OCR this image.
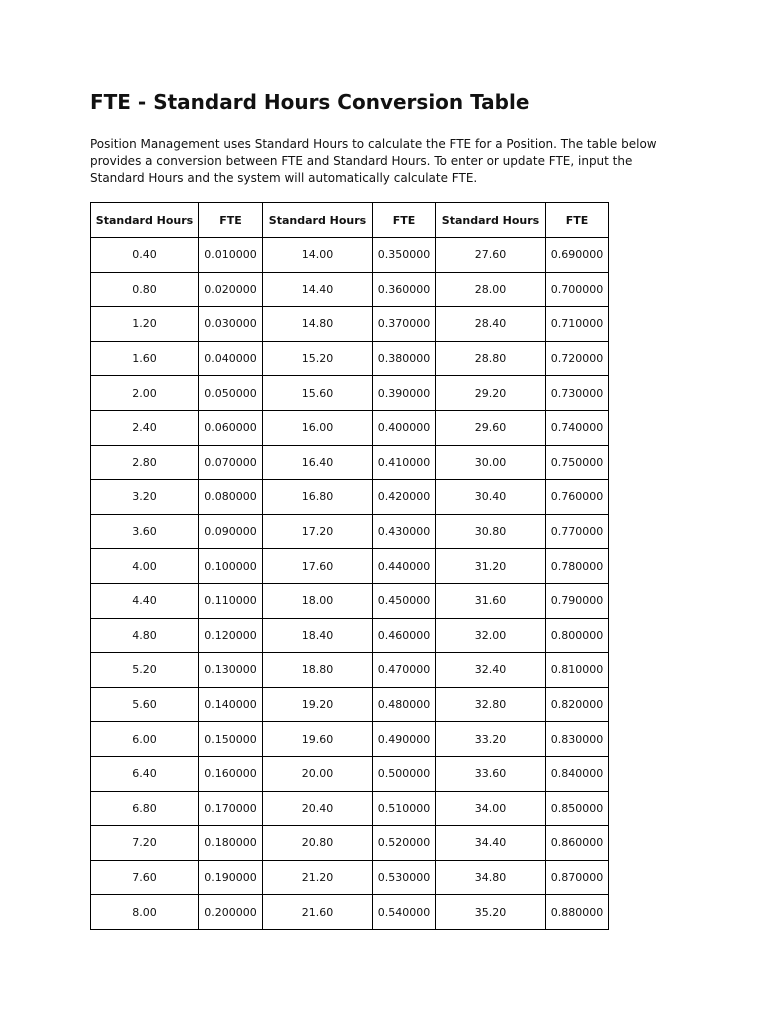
FTE - Standard Hours Conversion Table

Position Management uses Standard Hours to calculate the FTE for a Position. The table below provides a conversion between FTE and Standard Hours. To enter or update FTE, input the Standard Hours and the system will automatically calculate FTE.

Standard Hours	FTE	Standard Hours	FTE	Standard Hours	FTE
0.40	0.010000	14.00	0.350000	27.60	0.690000
0.80	0.020000	14.40	0.360000	28.00	0.700000
1.20	0.030000	14.80	0.370000	28.40	0.710000
1.60	0.040000	15.20	0.380000	28.80	0.720000
2.00	0.050000	15.60	0.390000	29.20	0.730000
2.40	0.060000	16.00	0.400000	29.60	0.740000
2.80	0.070000	16.40	0.410000	30.00	0.750000
3.20	0.080000	16.80	0.420000	30.40	0.760000
3.60	0.090000	17.20	0.430000	30.80	0.770000
4.00	0.100000	17.60	0.440000	31.20	0.780000
4.40	0.110000	18.00	0.450000	31.60	0.790000
4.80	0.120000	18.40	0.460000	32.00	0.800000
5.20	0.130000	18.80	0.470000	32.40	0.810000
5.60	0.140000	19.20	0.480000	32.80	0.820000
6.00	0.150000	19.60	0.490000	33.20	0.830000
6.40	0.160000	20.00	0.500000	33.60	0.840000
6.80	0.170000	20.40	0.510000	34.00	0.850000
7.20	0.180000	20.80	0.520000	34.40	0.860000
7.60	0.190000	21.20	0.530000	34.80	0.870000
8.00	0.200000	21.60	0.540000	35.20	0.880000
